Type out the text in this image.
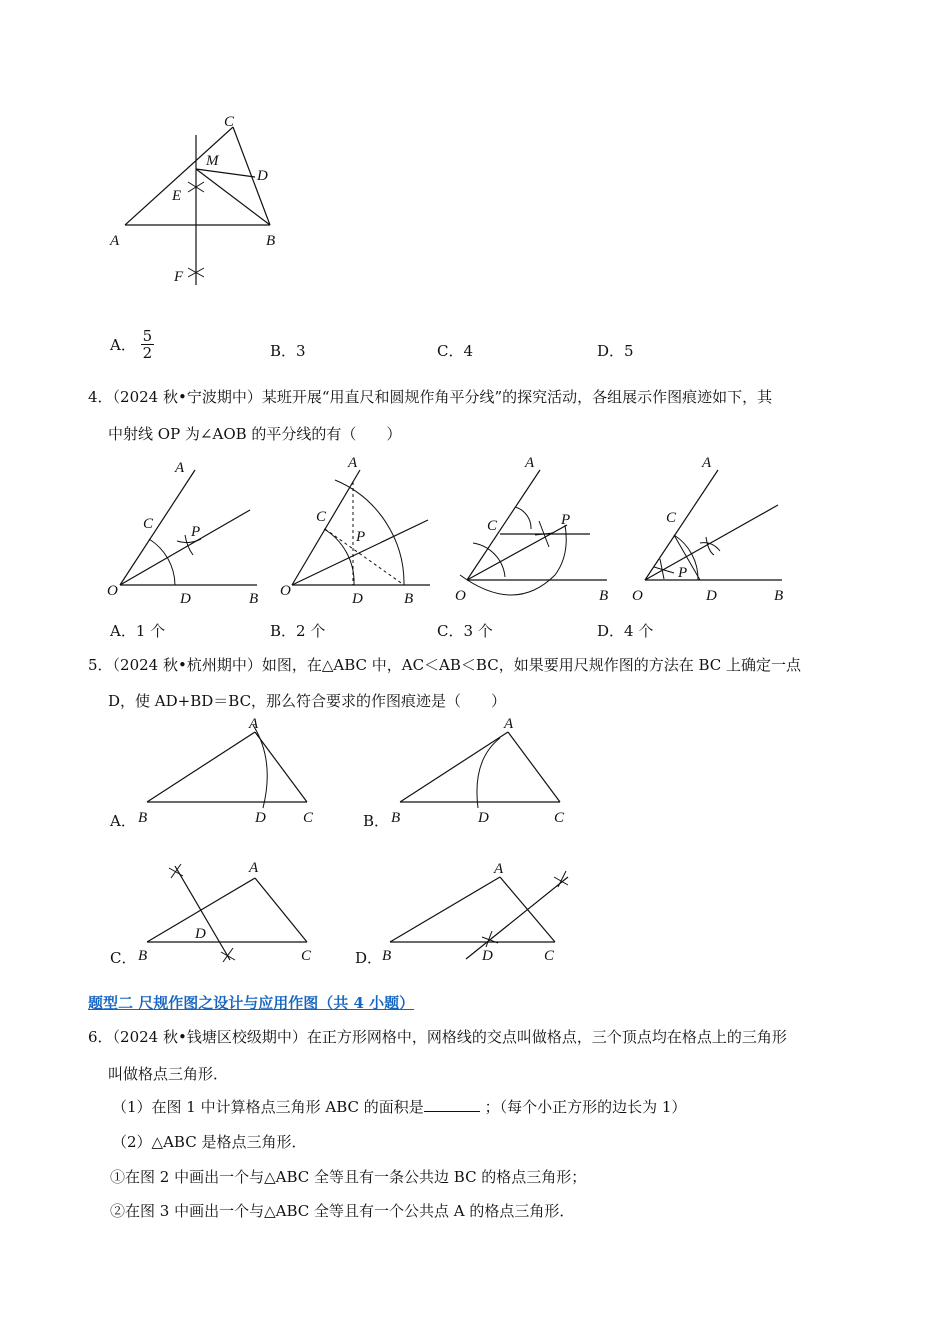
C
M
D
E
A	B
F
A． $\frac{5}{2}$	B．3	C．4	D．5
4．（2024 秋•宁波期中）某班开展“用直尺和圆规作角平分线”的探究活动，各组展示作图痕迹如下，其
中射线 OP 为∠AOB 的平分线的有（　　）
A
C	P
O	D	B
A
C
P
O	D	B
A
C	P
O	B
A
C
P
O	D	B
A．1 个	B．2 个	C．3 个	D．4 个
5．（2024 秋•杭州期中）如图，在△ABC 中，AC＜AB＜BC，如果要用尺规作图的方法在 BC 上确定一点
D，使 AD+BD＝BC，那么符合要求的作图痕迹是（　　）
A．
A
B	D C	B．
A
B	D	C
C．
A
D
B	C	D．
A
B	D	C
题型二 尺规作图之设计与应用作图（共 4 小题）
6．（2024 秋•钱塘区校级期中）在正方形网格中，网格线的交点叫做格点，三个顶点均在格点上的三角形
叫做格点三角形．
（1）在图 1 中计算格点三角形 ABC 的面积是	；（每个小正方形的边长为 1）
（2）△ABC 是格点三角形．
①在图 2 中画出一个与△ABC 全等且有一条公共边 BC 的格点三角形；
②在图 3 中画出一个与△ABC 全等且有一个公共点 A 的格点三角形．
